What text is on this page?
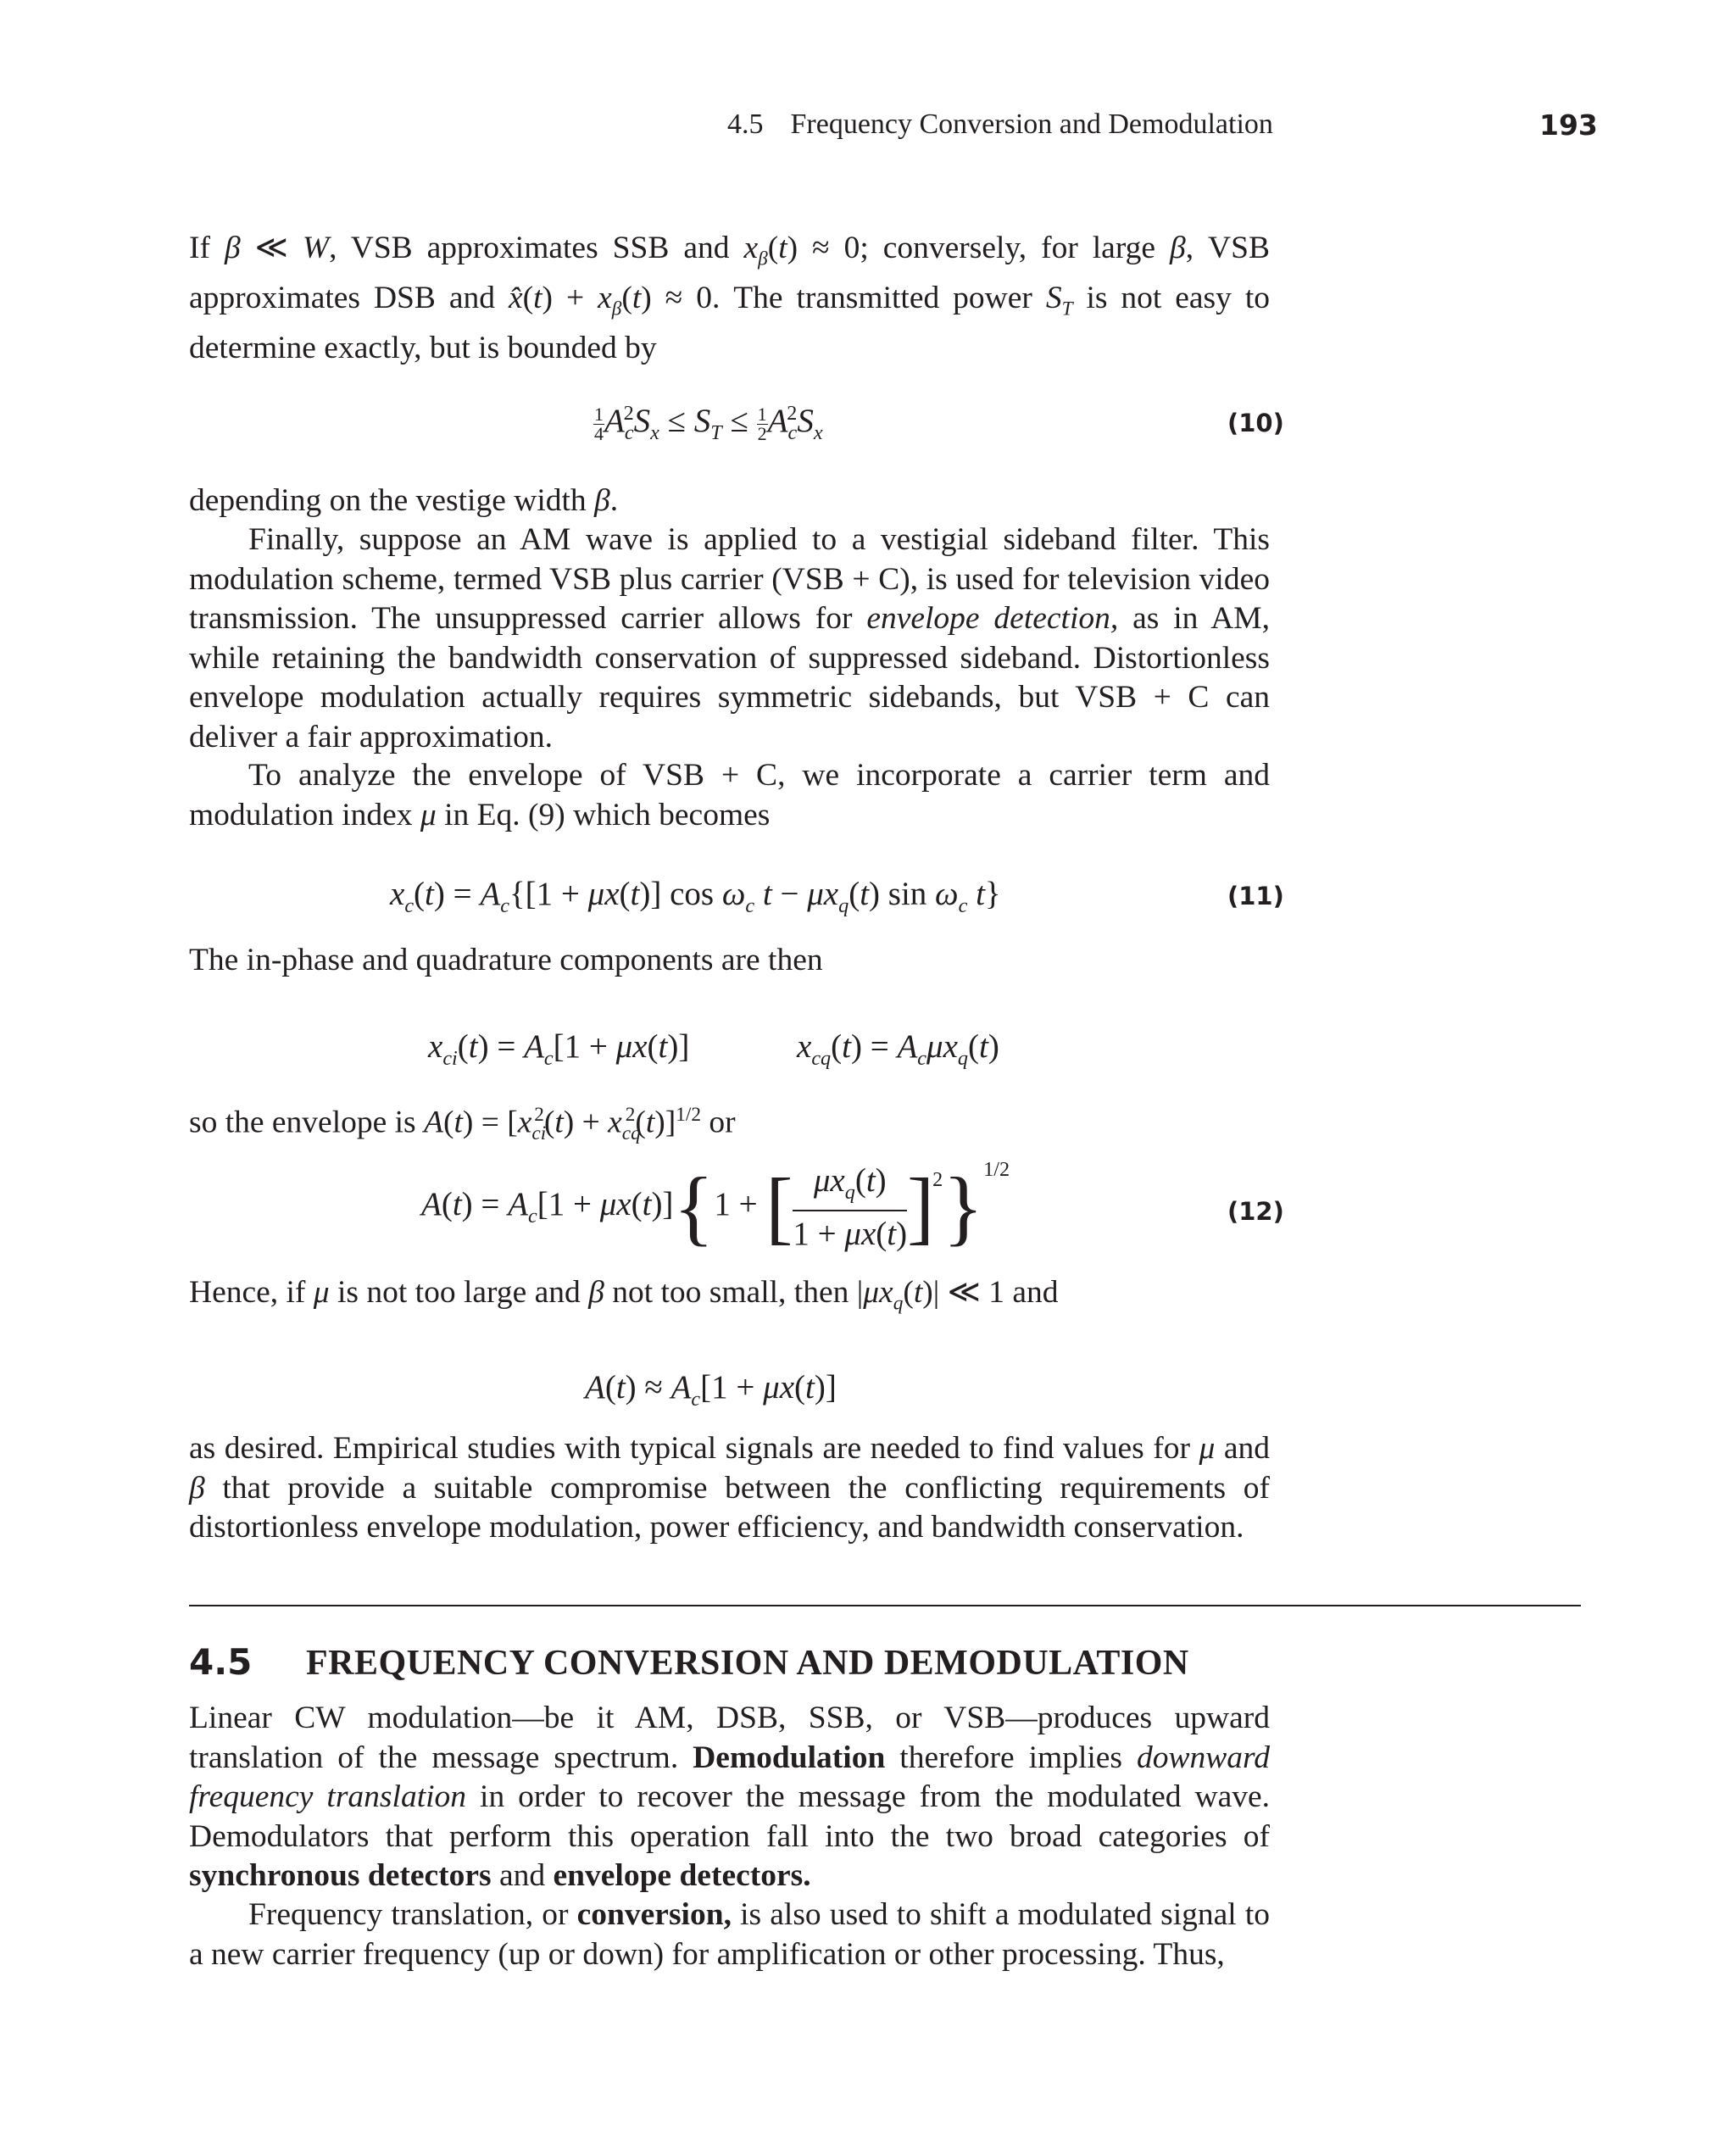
4.5 Frequency Conversion and Demodulation	193
If β ≪ W, VSB approximates SSB and $x_\beta(t) \approx 0$; conversely, for large β, VSB approximates DSB and x̂(t) + $x_\beta(t) \approx 0$. The transmitted power $S_T$ is not easy to determine exactly, but is bounded by
$\frac{1}{4} A_c^2S_x \le S_T \le \frac{1}{2} A_c^2S_x$	(10)
depending on the vestige width β.
Finally, suppose an AM wave is applied to a vestigial sideband filter. This modulation scheme, termed VSB plus carrier (VSB + C), is used for television video transmission. The unsuppressed carrier allows for envelope detection, as in AM, while retaining the bandwidth conservation of suppressed sideband. Distortionless envelope modulation actually requires symmetric sidebands, but VSB + C can deliver a fair approximation.
To analyze the envelope of VSB + C, we incorporate a carrier term and modulation index μ in Eq. (9) which becomes
$x_c(t) = A_c\{[1 + \mu x(t)]$ $\cos \omega_c$ $t - \mu x_q(t)$ $\sin \omega_c$ t}	(11)
The in-phase and quadrature components are then
$x_{ci}(t) = A_c[1 + \mu x(t)]$	$x_{cq}(t) = A_c\mu x_q(t)$
so the envelope is $A(t) = [x_{ci}^2(t) + x_{cq}^2(t)]^{1/2}$ or
$A(t) = A_c[1 + \mu x(t)]\{1$ + [ $\frac{\mu x_q(t)}{1 + \mu x(t)} ]^2\}^{1/2}$
(12)
Hence, if μ is not too large and β not too small, then $|\mu x_q(t)|$ ≪ 1 and
$A(t) \approx A_c[1 + \mu x(t)]$
as desired. Empirical studies with typical signals are needed to find values for μ and β that provide a suitable compromise between the conflicting requirements of distortionless envelope modulation, power efficiency, and bandwidth conservation.
4.5 FREQUENCY CONVERSION AND DEMODULATION
Linear CW modulation—be it AM, DSB, SSB, or VSB—produces upward translation of the message spectrum. Demodulation therefore implies downward frequency translation in order to recover the message from the modulated wave. Demodulators that perform this operation fall into the two broad categories of synchronous detectors and envelope detectors.
Frequency translation, or conversion, is also used to shift a modulated signal to a new carrier frequency (up or down) for amplification or other processing. Thus,
